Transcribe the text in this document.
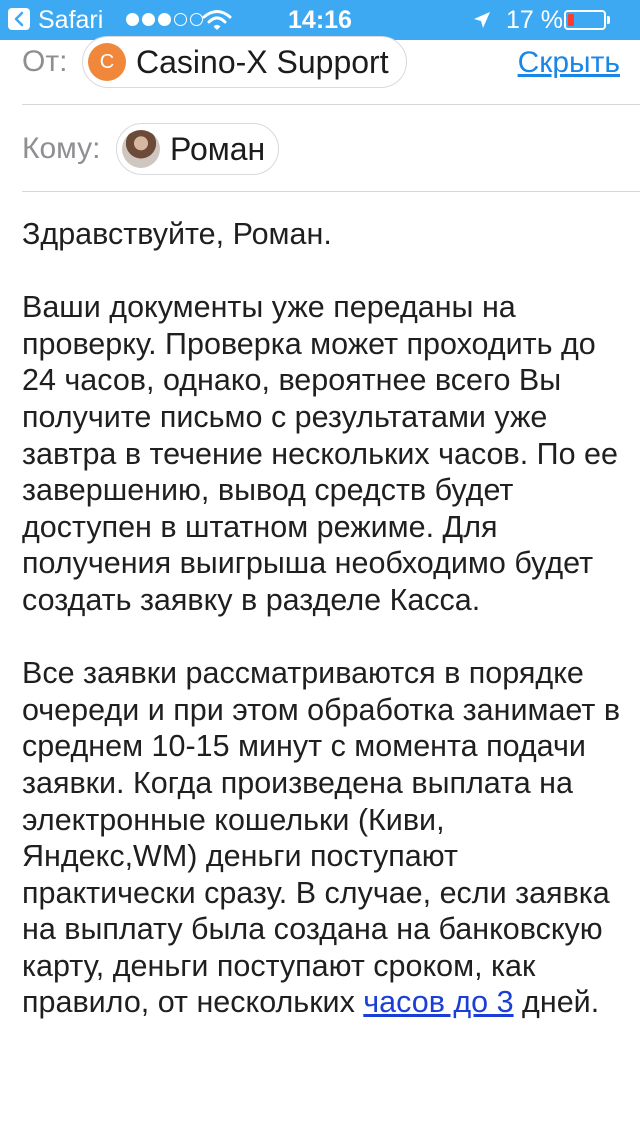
Safari	14:16	17 %
От:	C Casino-X Support	Скрыть
Кому: Роман

Здравствуйте, Роман.

Ваши документы уже переданы на проверку. Проверка может проходить до 24 часов, однако, вероятнее всего Вы получите письмо с результатами уже завтра в течение нескольких часов. По ее завершению, вывод средств будет доступен в штатном режиме. Для получения выигрыша необходимо будет создать заявку в разделе Касса.

Все заявки рассматриваются в порядке очереди и при этом обработка занимает в среднем 10-15 минут с момента подачи заявки. Когда произведена выплата на электронные кошельки (Киви, Яндекс,WM) деньги поступают практически сразу. В случае, если заявка на выплату была создана на банковскую карту, деньги поступают сроком, как правило, от нескольких часов до 3 дней.
